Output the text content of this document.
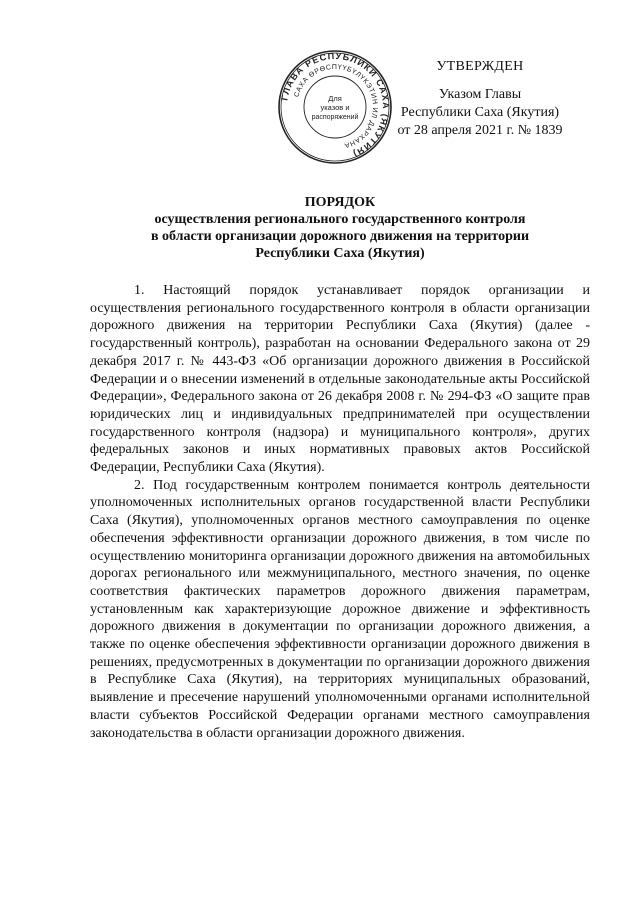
УТВЕРЖДЕН
Указом Главы
Республики Саха (Якутия)
от 28 апреля 2021 г. № 1839
ГЛАВА РЕСПУБЛИКИ САХА (ЯКУТИЯ)
САХА ӨРӨСПҮҮБҮЛҮКЭТИН ИЛ ДАРХАНА
Для
указов и
распоряжений
ПОРЯДОК
осуществления регионального государственного контроля
в области организации дорожного движения на территории
Республики Саха (Якутия)

1. Настоящий порядок устанавливает порядок организации и осуществления регионального государственного контроля в области организации дорожного движения на территории Республики Саха (Якутия) (далее - государственный контроль), разработан на основании Федерального закона от 29 декабря 2017 г. № 443-ФЗ «Об организации дорожного движения в Российской Федерации и о внесении изменений в отдельные законодательные акты Российской Федерации», Федерального закона от 26 декабря 2008 г. № 294-ФЗ «О защите прав юридических лиц и индивидуальных предпринимателей при осуществлении государственного контроля (надзора) и муниципального контроля», других федеральных законов и иных нормативных правовых актов Российской Федерации, Республики Саха (Якутия).

2. Под государственным контролем понимается контроль деятельности уполномоченных исполнительных органов государственной власти Республики Саха (Якутия), уполномоченных органов местного самоуправления по оценке обеспечения эффективности организации дорожного движения, в том числе по осуществлению мониторинга организации дорожного движения на автомобильных дорогах регионального или межмуниципального, местного значения, по оценке соответствия фактических параметров дорожного движения параметрам, установленным как характеризующие дорожное движение и эффективность дорожного движения в документации по организации дорожного движения, а также по оценке обеспечения эффективности организации дорожного движения в решениях, предусмотренных в документации по организации дорожного движения в Республике Саха (Якутия), на территориях муниципальных образований, выявление и пресечение нарушений уполномоченными органами исполнительной власти субъектов Российской Федерации органами местного самоуправления законодательства в области организации дорожного движения.
